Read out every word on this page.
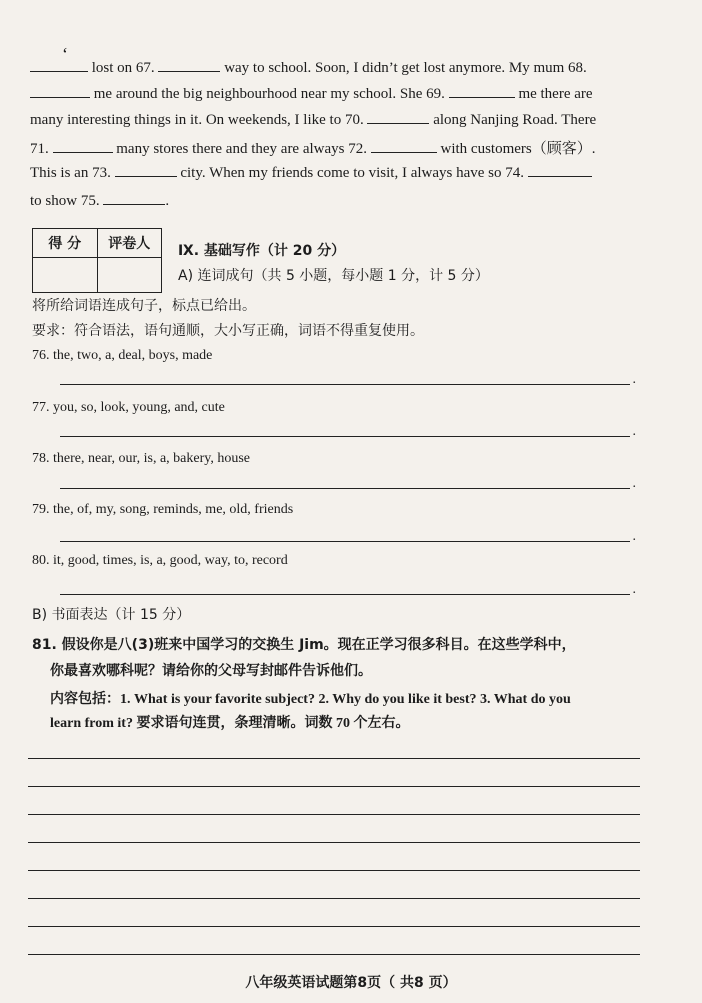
‘
lost on 67.	way to school. Soon, I didn’t get lost anymore. My mum 68.
me around the big neighbourhood near my school. She 69.	me there are
many interesting things in it. On weekends, I like to 70.	along Nanjing Road. There
71.	many stores there and they are always 72.	with customers（顾客）.
This is an 73.	city. When my friends come to visit, I always have so 74.
to show 75.	.
得 分	评卷人
	Ⅸ. 基础写作（计 20 分）
A) 连词成句（共 5 小题，每小题 1 分，计 5 分）
将所给词语连成句子，标点已给出。
要求：符合语法，语句通顺，大小写正确，词语不得重复使用。
76. the, two, a, deal, boys, made
.
77. you, so, look, young, and, cute
.
78. there, near, our, is, a, bakery, house
.
79. the, of, my, song, reminds, me, old, friends
.
80. it, good, times, is, a, good, way, to, record
.
B) 书面表达（计 15 分）
81. 假设你是八(3)班来中国学习的交换生 Jim。现在正学习很多科目。在这些学科中，
你最喜欢哪科呢？请给你的父母写封邮件告诉他们。
内容包括：1. What is your favorite subject? 2. Why do you like it best? 3. What do you
learn from it? 要求语句连贯，条理清晰。词数 70 个左右。
八年级英语试题第8页（ 共8 页）
